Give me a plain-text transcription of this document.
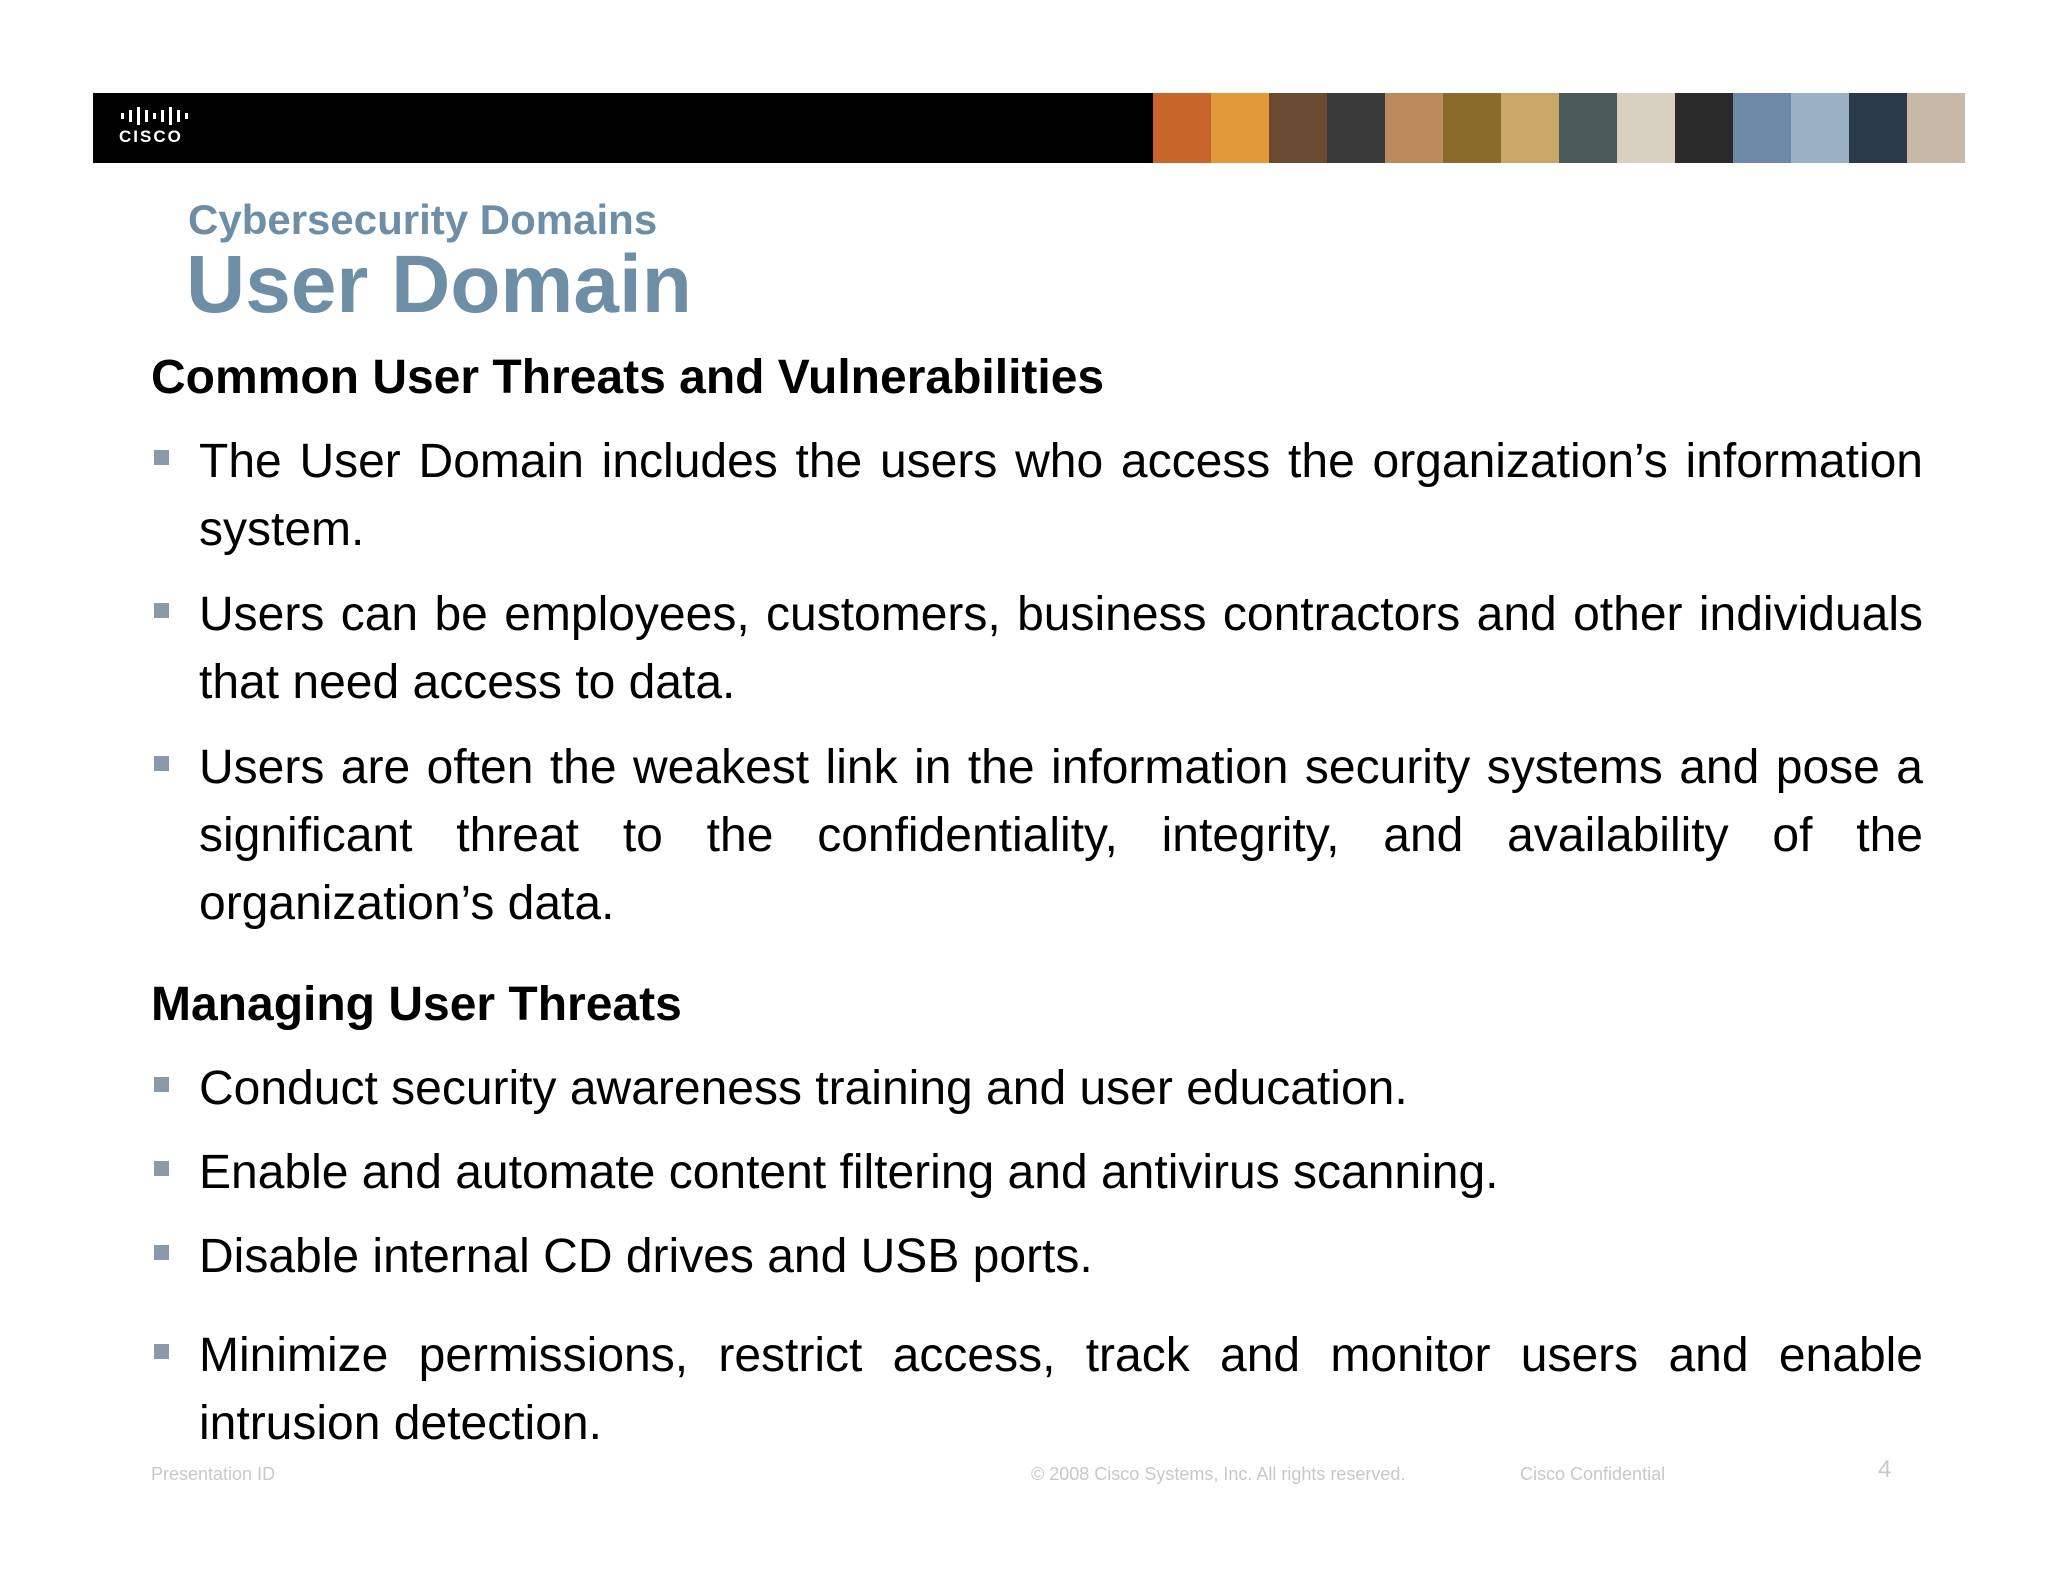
CISCO
Cybersecurity Domains
User Domain
Common User Threats and Vulnerabilities
The User Domain includes the users who access the organization’s information system.
Users can be employees, customers, business contractors and other individuals that need access to data.
Users are often the weakest link in the information security systems and pose a significant threat to the confidentiality, integrity, and availability of the organization’s data.
Managing User Threats
Conduct security awareness training and user education.
Enable and automate content filtering and antivirus scanning.
Disable internal CD drives and USB ports.
Minimize permissions, restrict access, track and monitor users and enable intrusion detection.
Presentation ID	© 2008 Cisco Systems, Inc. All rights reserved.	Cisco Confidential	4
